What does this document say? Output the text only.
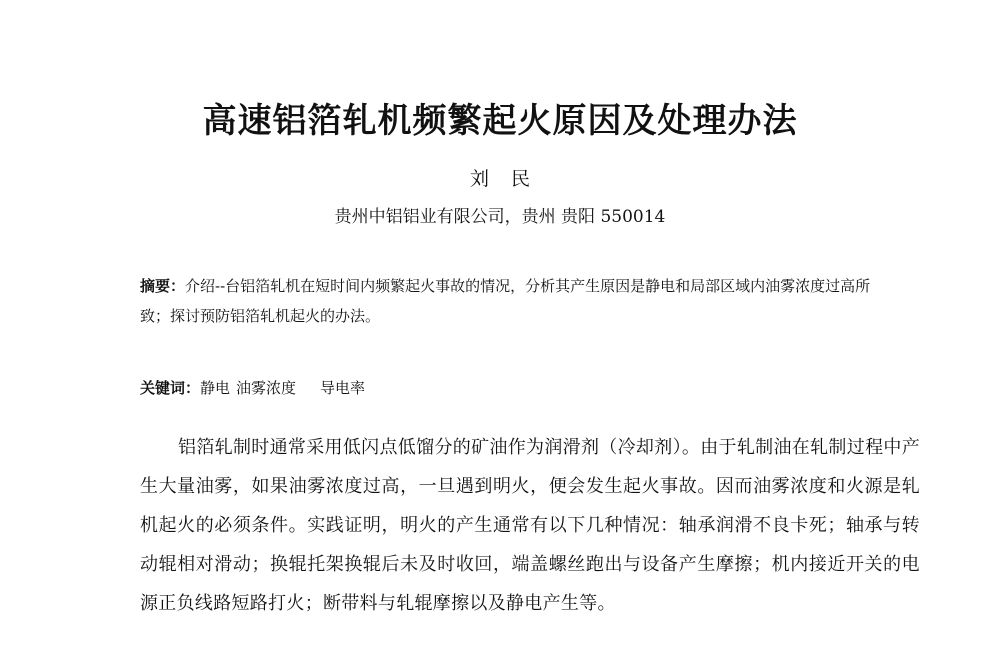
高速铝箔轧机频繁起火原因及处理办法
刘民
贵州中铝铝业有限公司，贵州 贵阳 550014
摘要：介绍--台铝箔轧机在短时间内频繁起火事故的情况，分析其产生原因是静电和局部区域内油雾浓度过高所致；探讨预防铝箔轧机起火的办法。
关键词：静电 油雾浓度 导电率

铝箔轧制时通常采用低闪点低馏分的矿油作为润滑剂（冷却剂）。由于轧制油在轧制过程中产生大量油雾，如果油雾浓度过高，一旦遇到明火，便会发生起火事故。因而油雾浓度和火源是轧机起火的必须条件。实践证明，明火的产生通常有以下几种情况：轴承润滑不良卡死；轴承与转动辊相对滑动；换辊托架换辊后未及时收回，端盖螺丝跑出与设备产生摩擦；机内接近开关的电源正负线路短路打火；断带料与轧辊摩擦以及静电产生等。
